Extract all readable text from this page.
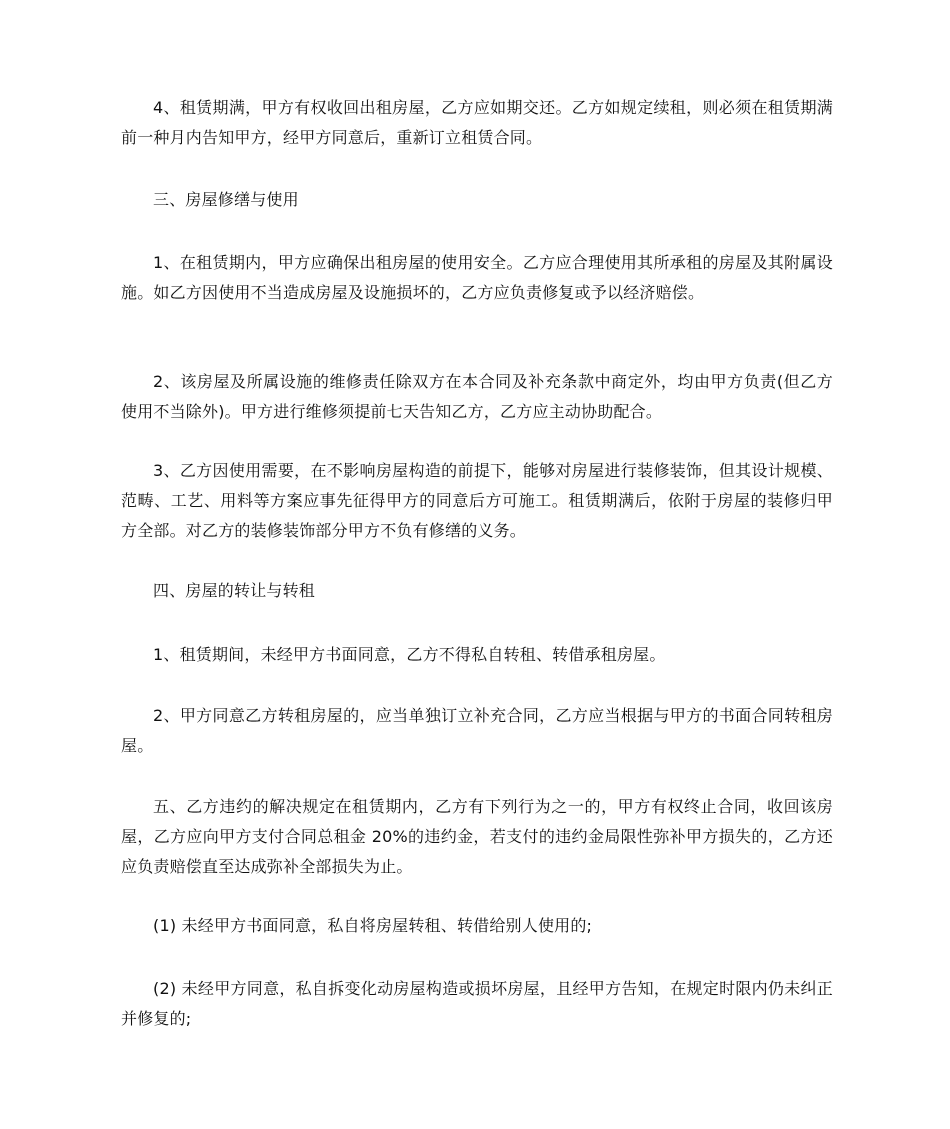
4、租赁期满，甲方有权收回出租房屋，乙方应如期交还。乙方如规定续租，则必须在租赁期满前一种月内告知甲方，经甲方同意后，重新订立租赁合同。

三、房屋修缮与使用

1、在租赁期内，甲方应确保出租房屋的使用安全。乙方应合理使用其所承租的房屋及其附属设施。如乙方因使用不当造成房屋及设施损坏的，乙方应负责修复或予以经济赔偿。

2、该房屋及所属设施的维修责任除双方在本合同及补充条款中商定外，均由甲方负责(但乙方使用不当除外)。甲方进行维修须提前七天告知乙方，乙方应主动协助配合。

3、乙方因使用需要，在不影响房屋构造的前提下，能够对房屋进行装修装饰，但其设计规模、范畴、工艺、用料等方案应事先征得甲方的同意后方可施工。租赁期满后，依附于房屋的装修归甲方全部。对乙方的装修装饰部分甲方不负有修缮的义务。

四、房屋的转让与转租

1、租赁期间，未经甲方书面同意，乙方不得私自转租、转借承租房屋。

2、甲方同意乙方转租房屋的，应当单独订立补充合同，乙方应当根据与甲方的书面合同转租房屋。

五、乙方违约的解决规定在租赁期内，乙方有下列行为之一的，甲方有权终止合同，收回该房屋，乙方应向甲方支付合同总租金 20%的违约金，若支付的违约金局限性弥补甲方损失的，乙方还应负责赔偿直至达成弥补全部损失为止。

(1) 未经甲方书面同意，私自将房屋转租、转借给别人使用的;

(2) 未经甲方同意，私自拆变化动房屋构造或损坏房屋，且经甲方告知，在规定时限内仍未纠正并修复的;
